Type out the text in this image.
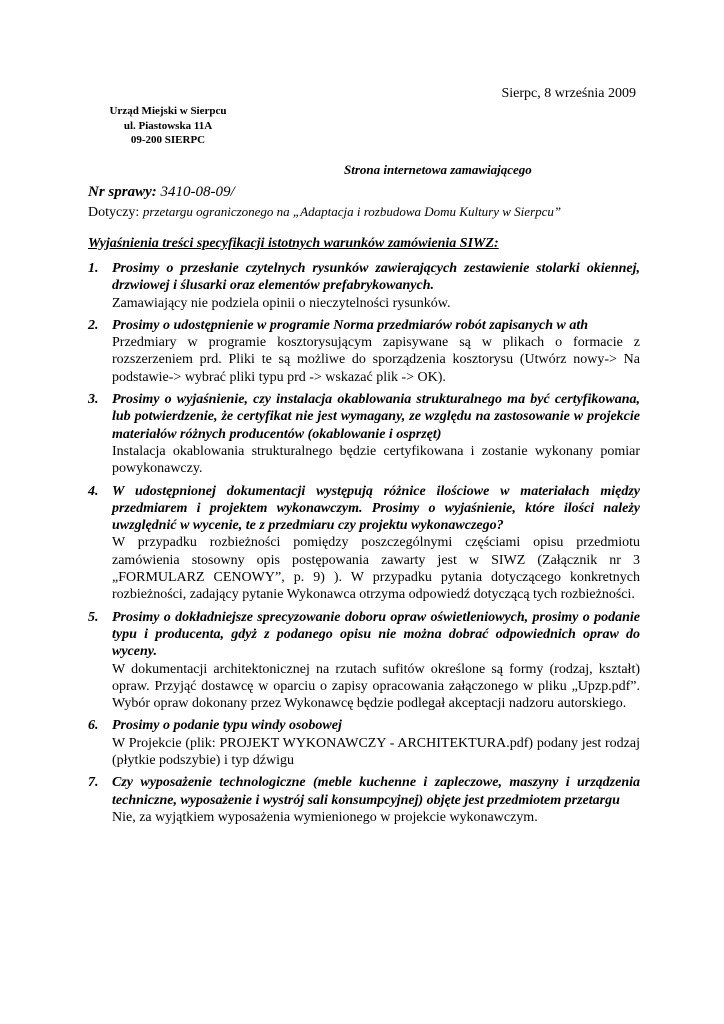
Sierpc, 8 września 2009
Urząd Miejski w Sierpcu
ul. Piastowska 11A
09-200 SIERPC
Strona internetowa zamawiającego
Nr sprawy: 3410-08-09/
Dotyczy: przetargu ograniczonego na „Adaptacja i rozbudowa Domu Kultury w Sierpcu”
Wyjaśnienia treści specyfikacji istotnych warunków zamówienia SIWZ:
1. Prosimy o przesłanie czytelnych rysunków zawierających zestawienie stolarki okiennej, drzwiowej i ślusarki oraz elementów prefabrykowanych.
Zamawiający nie podziela opinii o nieczytelności rysunków.
2. Prosimy o udostępnienie w programie Norma przedmiarów robót zapisanych w ath
Przedmiary w programie kosztorysującym zapisywane są w plikach o formacie z rozszerzeniem prd. Pliki te są możliwe do sporządzenia kosztorysu (Utwórz nowy-> Na podstawie-> wybrać pliki typu prd -> wskazać plik -> OK).
3. Prosimy o wyjaśnienie, czy instalacja okablowania strukturalnego ma być certyfikowana, lub potwierdzenie, że certyfikat nie jest wymagany, ze względu na zastosowanie w projekcie materiałów różnych producentów (okablowanie i osprzęt)
Instalacja okablowania strukturalnego będzie certyfikowana i zostanie wykonany pomiar powykonawczy.
4. W udostępnionej dokumentacji występują różnice ilościowe w materiałach między przedmiarem i projektem wykonawczym. Prosimy o wyjaśnienie, które ilości należy uwzględnić w wycenie, te z przedmiaru czy projektu wykonawczego?
W przypadku rozbieżności pomiędzy poszczególnymi częściami opisu przedmiotu zamówienia stosowny opis postępowania zawarty jest w SIWZ (Załącznik nr 3 „FORMULARZ CENOWY”, p. 9) ). W przypadku pytania dotyczącego konkretnych rozbieżności, zadający pytanie Wykonawca otrzyma odpowiedź dotyczącą tych rozbieżności.
5. Prosimy o dokładniejsze sprecyzowanie doboru opraw oświetleniowych, prosimy o podanie typu i producenta, gdyż z podanego opisu nie można dobrać odpowiednich opraw do wyceny.
W dokumentacji architektonicznej na rzutach sufitów określone są formy (rodzaj, kształt) opraw. Przyjąć dostawcę w oparciu o zapisy opracowania załączonego w pliku „Upzp.pdf”. Wybór opraw dokonany przez Wykonawcę będzie podlegał akceptacji nadzoru autorskiego.
6. Prosimy o podanie typu windy osobowej
W Projekcie (plik: PROJEKT WYKONAWCZY - ARCHITEKTURA.pdf) podany jest rodzaj (płytkie podszybie) i typ dźwigu
7. Czy wyposażenie technologiczne (meble kuchenne i zapleczowe, maszyny i urządzenia techniczne, wyposażenie i wystrój sali konsumpcyjnej) objęte jest przedmiotem przetargu
Nie, za wyjątkiem wyposażenia wymienionego w projekcie wykonawczym.
